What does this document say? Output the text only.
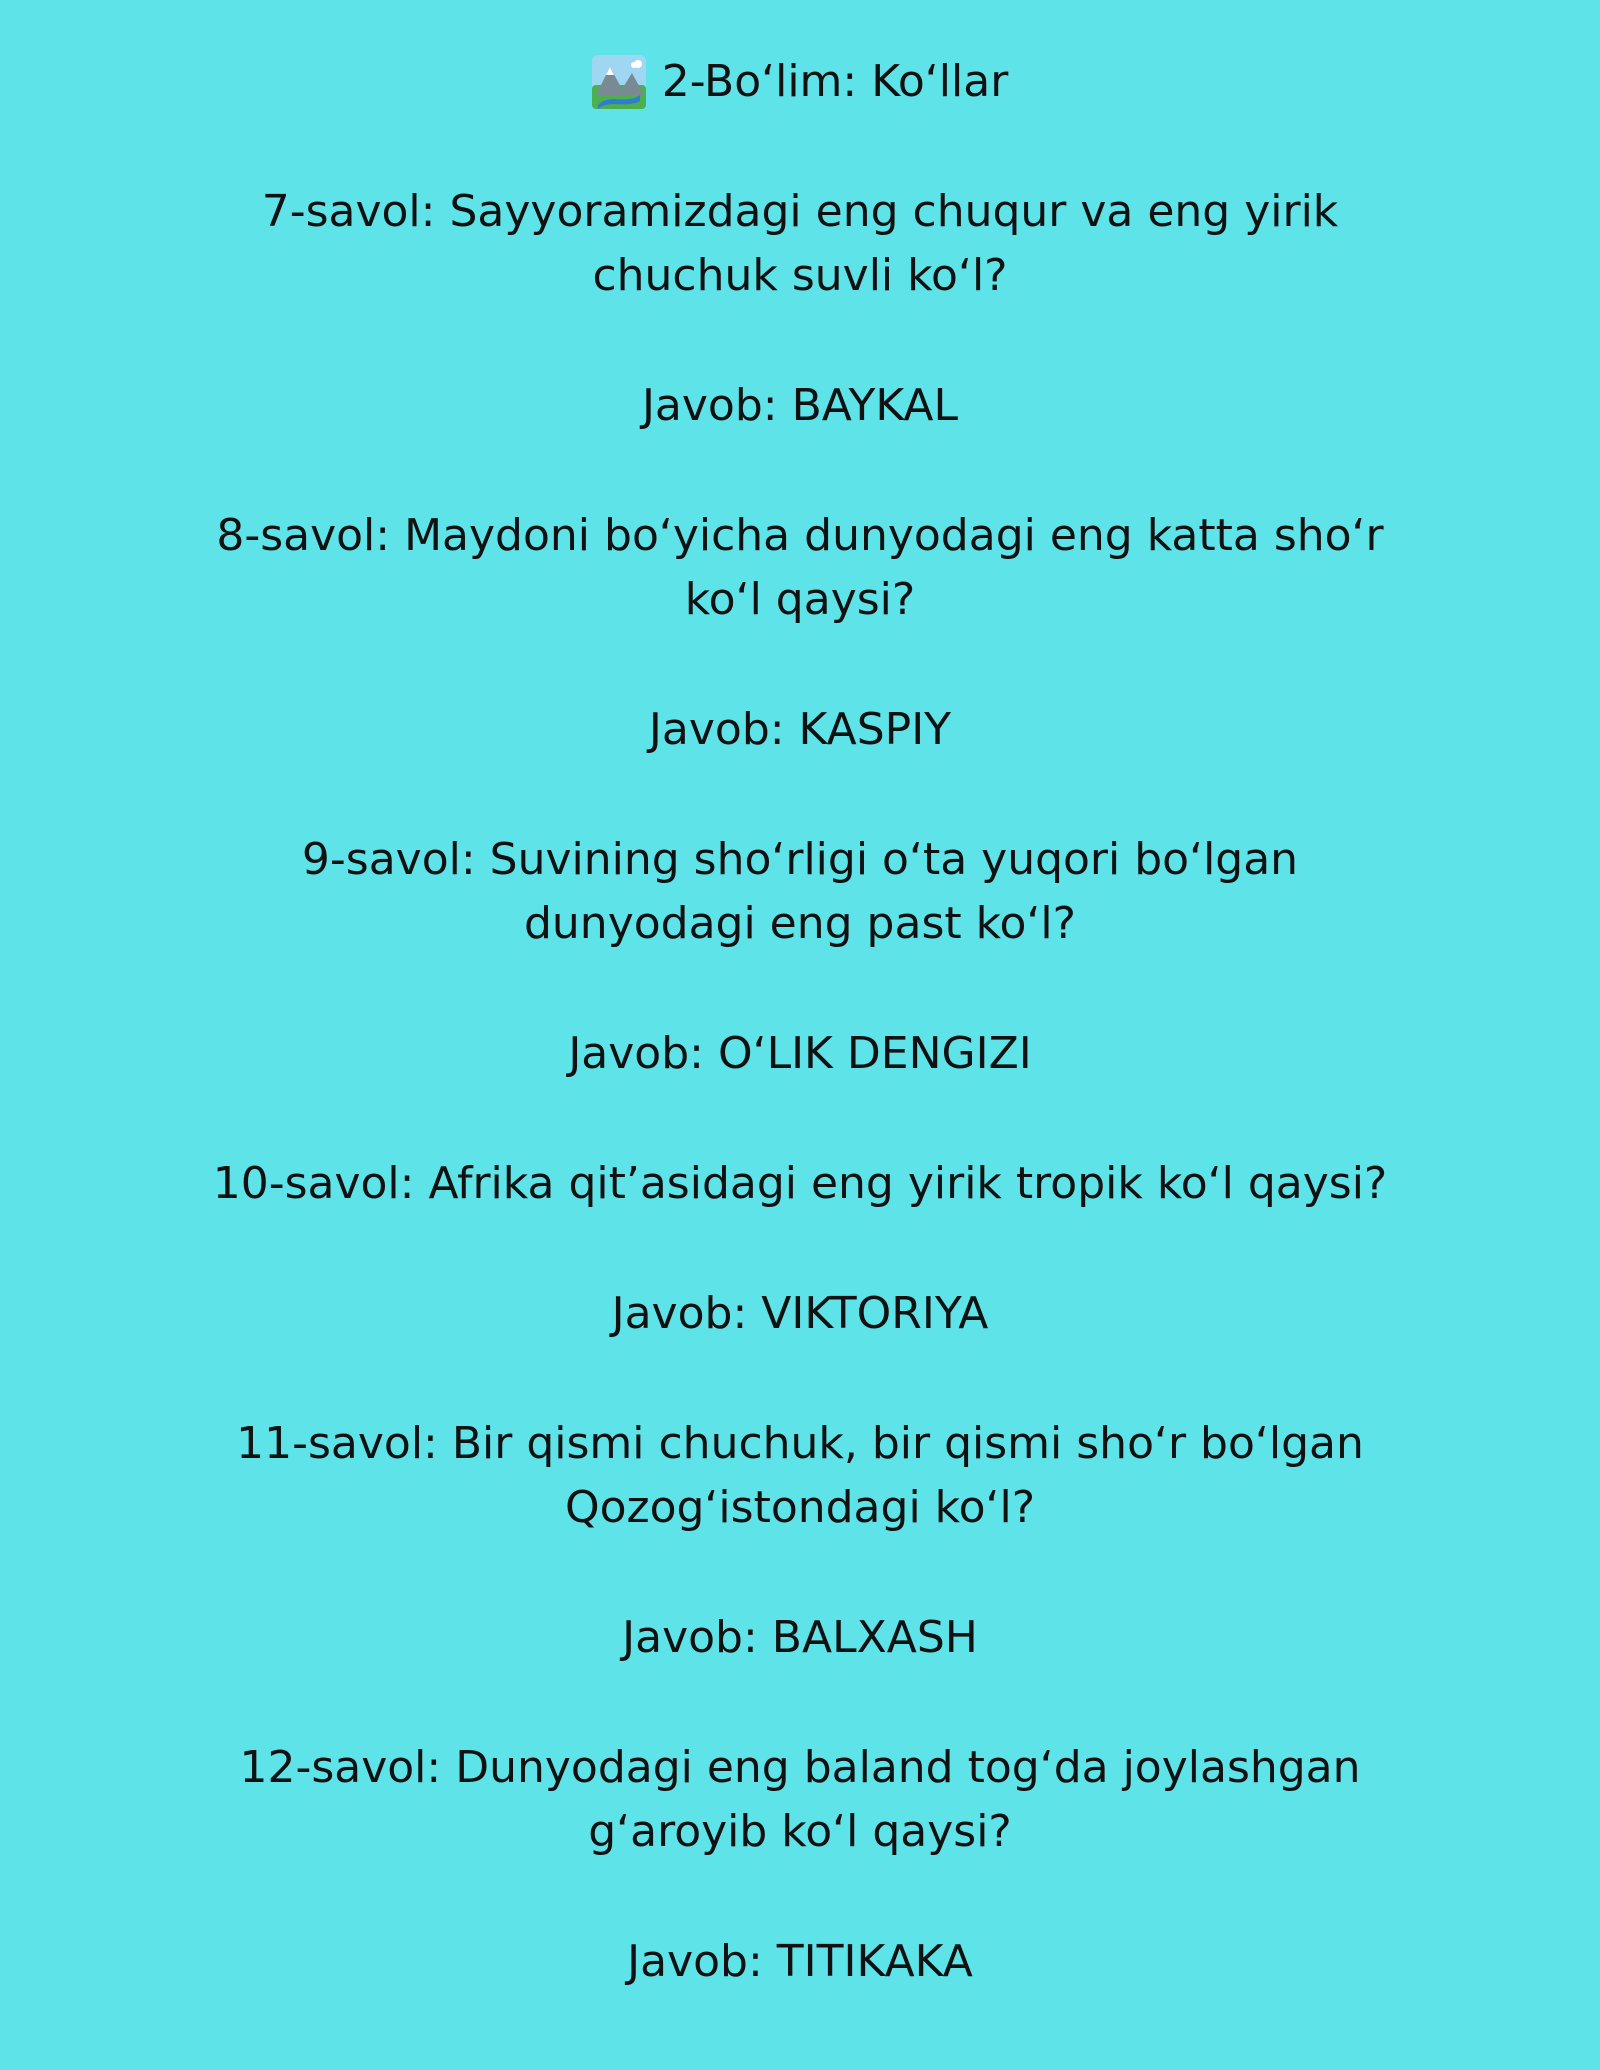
2-Boʻlim: Koʻllar
7-savol: Sayyoramizdagi eng chuqur va eng yirik
chuchuk suvli koʻl?
Javob: BAYKAL
8-savol: Maydoni boʻyicha dunyodagi eng katta shoʻr
koʻl qaysi?
Javob: KASPIY
9-savol: Suvining shoʻrligi oʻta yuqori boʻlgan
dunyodagi eng past koʻl?
Javob: OʻLIK DENGIZI
10-savol: Afrika qitʼasidagi eng yirik tropik koʻl qaysi?
Javob: VIKTORIYA
11-savol: Bir qismi chuchuk, bir qismi shoʻr boʻlgan
Qozogʻistondagi koʻl?
Javob: BALXASH
12-savol: Dunyodagi eng baland togʻda joylashgan
gʻaroyib koʻl qaysi?
Javob: TITIKAKA
